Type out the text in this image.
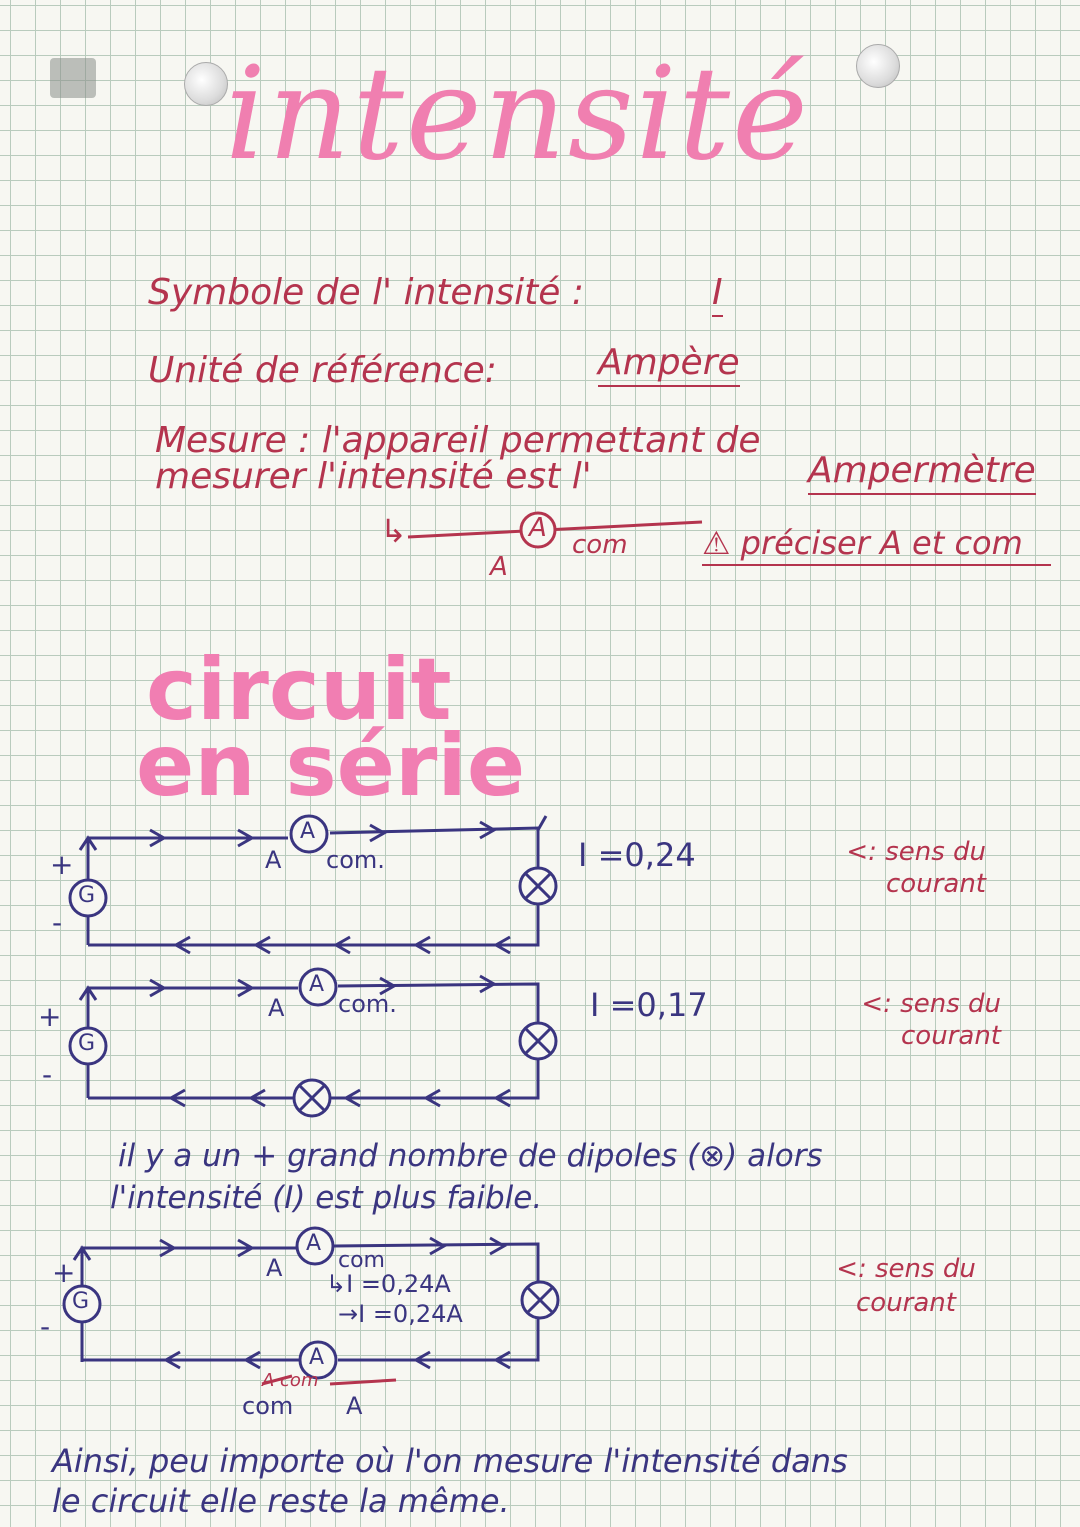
intensité
Symbole de l' intensité :	I
Unité de référence:	Ampère
Mesure : l'appareil permettant de
mesurer l'intensité est l'	Ampermètre
↳	A
A
com ⚠ préciser A et com
circuit
en série
+
-
G
A
A com.	I =0,24	<: sens du courant
+
-
G
A
A com.	I =0,17	<: sens du courant
il y a un + grand nombre de dipoles (⊗) alors
l'intensité (I) est plus faible.
+
-
G
A
A	com
↳I =0,24A
→I =0,24A
A
A com
com A
<: sens du courant
Ainsi, peu importe où l'on mesure l'intensité dans
le circuit elle reste la même.
